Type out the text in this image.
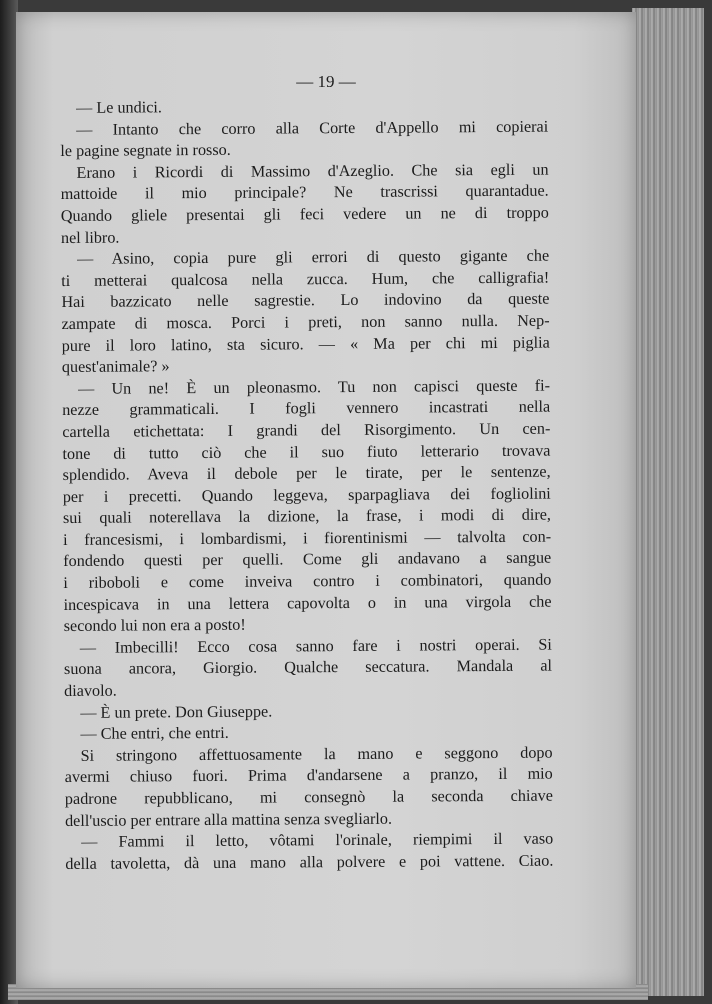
— 19 —
— Le undici.
— Intanto che corro alla Corte d'Appello mi copierai
le pagine segnate in rosso.
Erano i Ricordi di Massimo d'Azeglio. Che sia egli un
mattoide il mio principale? Ne trascrissi quarantadue.
Quando gliele presentai gli feci vedere un ne di troppo
nel libro.
— Asino, copia pure gli errori di questo gigante che
ti metterai qualcosa nella zucca. Hum, che calligrafia!
Hai bazzicato nelle sagrestie. Lo indovino da queste
zampate di mosca. Porci i preti, non sanno nulla. Nep-
pure il loro latino, sta sicuro. — « Ma per chi mi piglia
quest'animale? »
— Un ne! È un pleonasmo. Tu non capisci queste fi-
nezze grammaticali. I fogli vennero incastrati nella
cartella etichettata: I grandi del Risorgimento. Un cen-
tone di tutto ciò che il suo fiuto letterario trovava
splendido. Aveva il debole per le tirate, per le sentenze,
per i precetti. Quando leggeva, sparpagliava dei fogliolini
sui quali noterellava la dizione, la frase, i modi di dire,
i francesismi, i lombardismi, i fiorentinismi — talvolta con-
fondendo questi per quelli. Come gli andavano a sangue
i riboboli e come inveiva contro i combinatori, quando
incespicava in una lettera capovolta o in una virgola che
secondo lui non era a posto!
— Imbecilli! Ecco cosa sanno fare i nostri operai. Si
suona ancora, Giorgio. Qualche seccatura. Mandala al
diavolo.
— È un prete. Don Giuseppe.
— Che entri, che entri.
Si stringono affettuosamente la mano e seggono dopo
avermi chiuso fuori. Prima d'andarsene a pranzo, il mio
padrone repubblicano, mi consegnò la seconda chiave
dell'uscio per entrare alla mattina senza svegliarlo.
— Fammi il letto, vôtami l'orinale, riempimi il vaso
della tavoletta, dà una mano alla polvere e poi vattene. Ciao.
